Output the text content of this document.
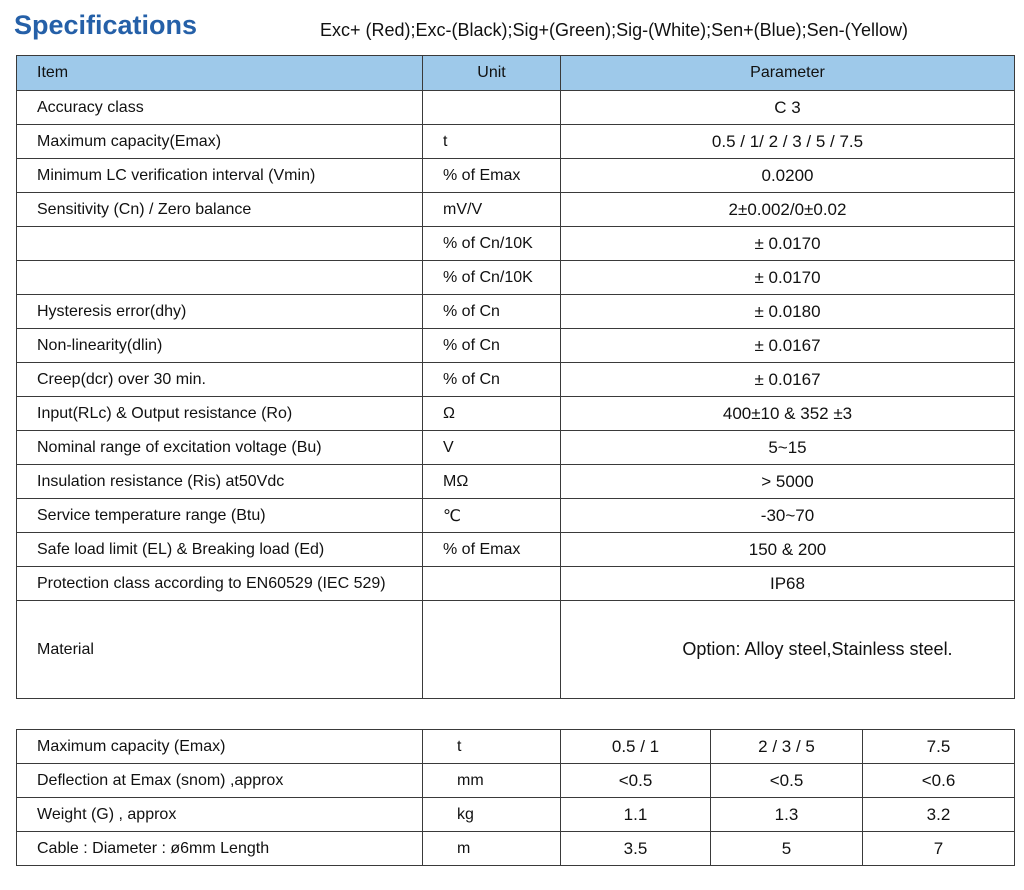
Specifications	Exc+ (Red);Exc-(Black);Sig+(Green);Sig-(White);Sen+(Blue);Sen-(Yellow)
Item	Unit	Parameter
Accuracy class		C 3
Maximum capacity(Emax)	t	0.5 / 1/ 2 / 3 / 5 / 7.5
Minimum LC verification interval (Vmin)	% of Emax	0.0200
Sensitivity (Cn) / Zero balance	mV/V	2±0.002/0±0.02
	% of Cn/10K	± 0.0170
	% of Cn/10K	± 0.0170
Hysteresis error(dhy)	% of Cn	± 0.0180
Non-linearity(dlin)	% of Cn	± 0.0167
Creep(dcr) over 30 min.	% of Cn	± 0.0167
Input(RLc) & Output resistance (Ro)	Ω	400±10 & 352 ±3
Nominal range of excitation voltage (Bu)	V	5~15
Insulation resistance (Ris) at50Vdc	MΩ	> 5000
Service temperature range (Btu)	℃	-30~70
Safe load limit (EL) & Breaking load (Ed)	% of Emax	150 & 200
Protection class according to EN60529 (IEC 529)		IP68
Material		Option: Alloy steel,Stainless steel.
Maximum capacity (Emax)	t	0.5 / 1	2 / 3 / 5	7.5
Deflection at Emax (snom) ,approx	mm	<0.5	<0.5	<0.6
Weight (G) , approx	kg	1.1	1.3	3.2
Cable : Diameter : ø6mm Length	m	3.5	5	7
